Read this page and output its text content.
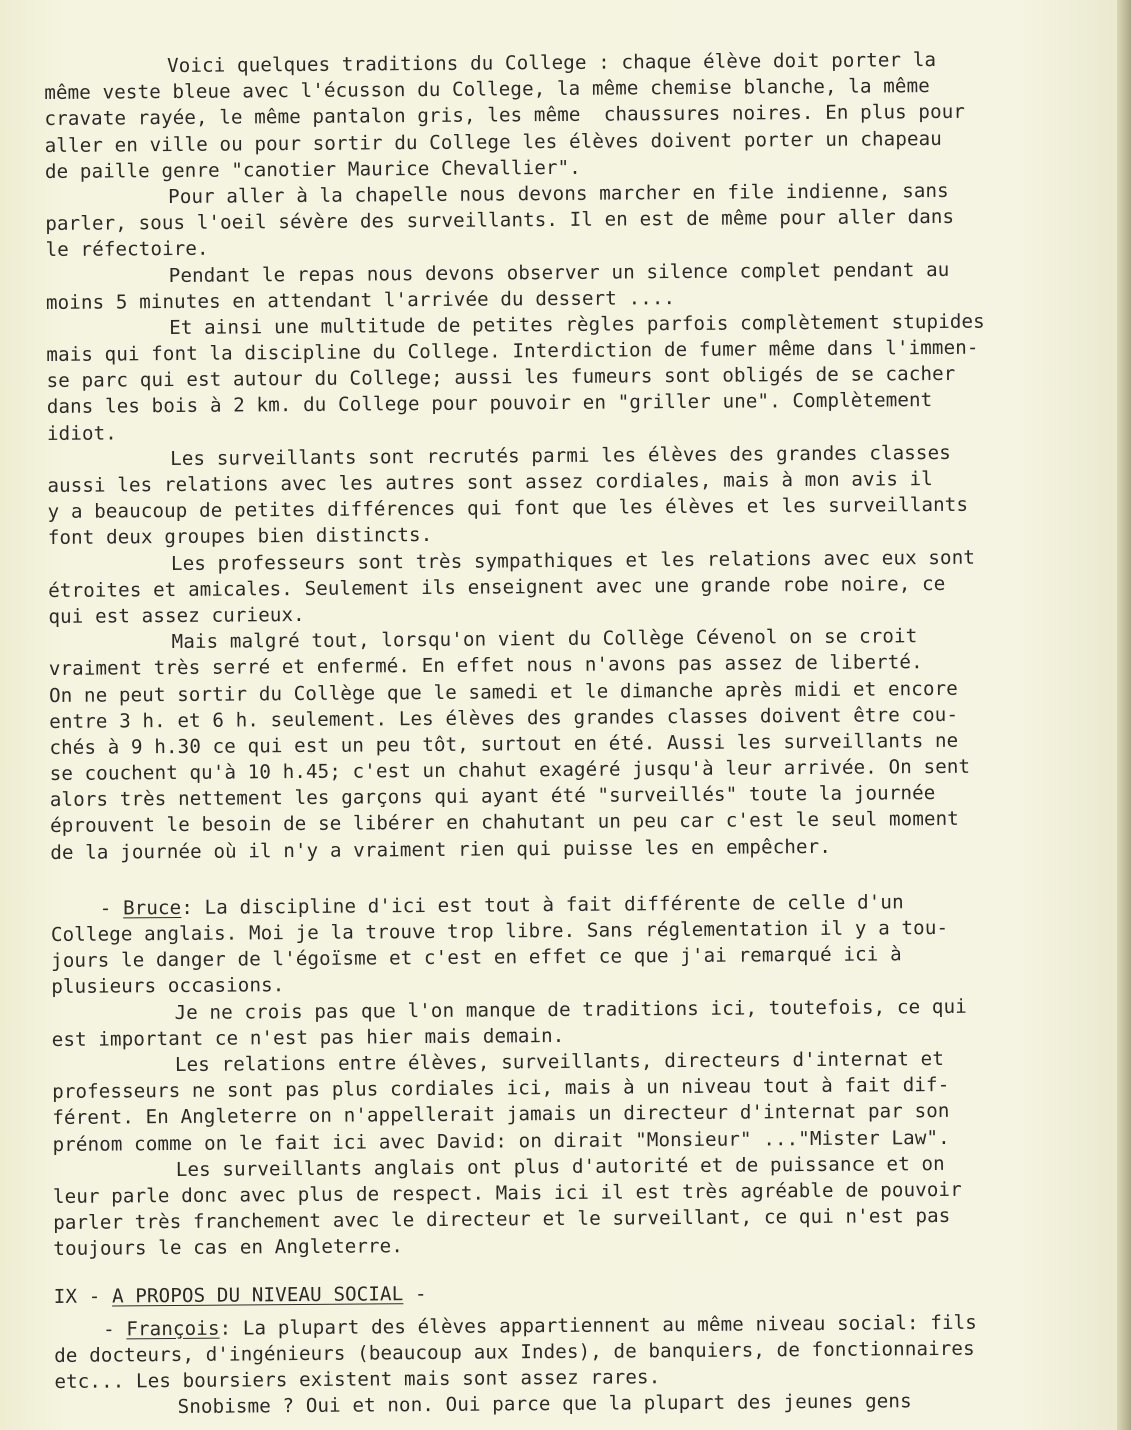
Voici quelques traditions du College : chaque élève doit porter la
même veste bleue avec l'écusson du College, la même chemise blanche, la même
cravate rayée, le même pantalon gris, les même  chaussures noires. En plus pour
aller en ville ou pour sortir du College les élèves doivent porter un chapeau
de paille genre "canotier Maurice Chevallier".
Pour aller à la chapelle nous devons marcher en file indienne, sans
parler, sous l'oeil sévère des surveillants. Il en est de même pour aller dans
le réfectoire.
Pendant le repas nous devons observer un silence complet pendant au
moins 5 minutes en attendant l'arrivée du dessert ....
Et ainsi une multitude de petites règles parfois complètement stupides
mais qui font la discipline du College. Interdiction de fumer même dans l'immen-
se parc qui est autour du College; aussi les fumeurs sont obligés de se cacher
dans les bois à 2 km. du College pour pouvoir en "griller une". Complètement
idiot.
Les surveillants sont recrutés parmi les élèves des grandes classes
aussi les relations avec les autres sont assez cordiales, mais à mon avis il
y a beaucoup de petites différences qui font que les élèves et les surveillants
font deux groupes bien distincts.
Les professeurs sont très sympathiques et les relations avec eux sont
étroites et amicales. Seulement ils enseignent avec une grande robe noire, ce
qui est assez curieux.
Mais malgré tout, lorsqu'on vient du Collège Cévenol on se croit
vraiment très serré et enfermé. En effet nous n'avons pas assez de liberté.
On ne peut sortir du Collège que le samedi et le dimanche après midi et encore
entre 3 h. et 6 h. seulement. Les élèves des grandes classes doivent être cou-
chés à 9 h.30 ce qui est un peu tôt, surtout en été. Aussi les surveillants ne
se couchent qu'à 10 h.45; c'est un chahut exagéré jusqu'à leur arrivée. On sent
alors très nettement les garçons qui ayant été "surveillés" toute la journée
éprouvent le besoin de se libérer en chahutant un peu car c'est le seul moment
de la journée où il n'y a vraiment rien qui puisse les en empêcher.
- Bruce: La discipline d'ici est tout à fait différente de celle d'un
College anglais. Moi je la trouve trop libre. Sans réglementation il y a tou-
jours le danger de l'égoïsme et c'est en effet ce que j'ai remarqué ici à
plusieurs occasions.
Je ne crois pas que l'on manque de traditions ici, toutefois, ce qui
est important ce n'est pas hier mais demain.
Les relations entre élèves, surveillants, directeurs d'internat et
professeurs ne sont pas plus cordiales ici, mais à un niveau tout à fait dif-
férent. En Angleterre on n'appellerait jamais un directeur d'internat par son
prénom comme on le fait ici avec David: on dirait "Monsieur" ..."Mister Law".
Les surveillants anglais ont plus d'autorité et de puissance et on
leur parle donc avec plus de respect. Mais ici il est très agréable de pouvoir
parler très franchement avec le directeur et le surveillant, ce qui n'est pas
toujours le cas en Angleterre.
IX - A PROPOS DU NIVEAU SOCIAL -
- François: La plupart des élèves appartiennent au même niveau social: fils
de docteurs, d'ingénieurs (beaucoup aux Indes), de banquiers, de fonctionnaires
etc... Les boursiers existent mais sont assez rares.
Snobisme ? Oui et non. Oui parce que la plupart des jeunes gens
